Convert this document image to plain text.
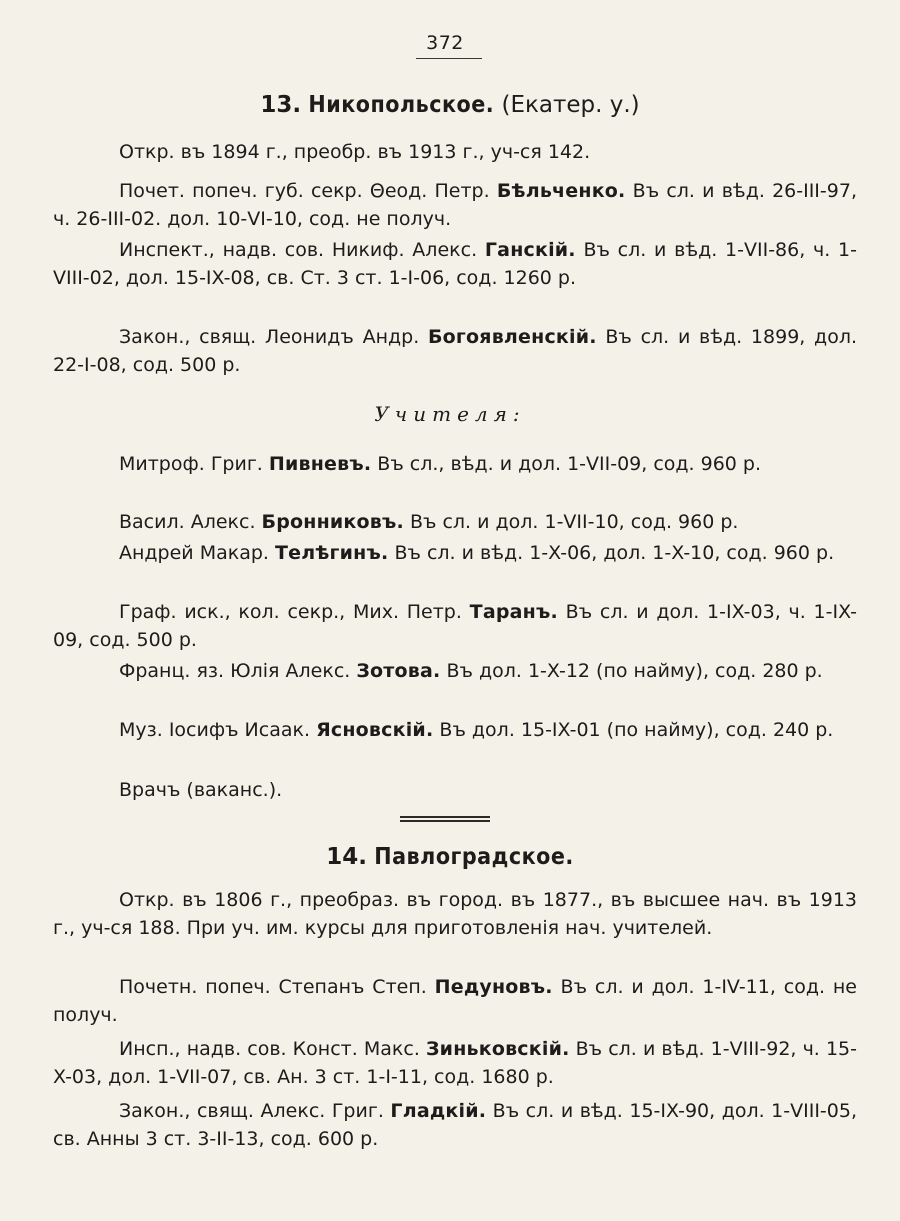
372
13. Никопольское. (Екатер. у.)
Откр. въ 1894 г., преобр. въ 1913 г., уч-ся 142.
Почет. попеч. губ. секр. Θеод. Петр. Бѣльченко. Въ сл. и вѣд. 26-III-97, ч. 26-III-02. дол. 10-VI-10, сод. не получ.
Инспект., надв. сов. Никиф. Алекс. Ганскій. Въ сл. и вѣд. 1-VII-86, ч. 1-VIII-02, дол. 15-IX-08, св. Ст. 3 ст. 1-I-06, сод. 1260 р.
Закон., свящ. Леонидъ Андр. Богоявленскій. Въ сл. и вѣд. 1899, дол. 22-I-08, сод. 500 р.
Учителя:
Митроф. Григ. Пивневъ. Въ сл., вѣд. и дол. 1-VII-09, сод. 960 р.
Васил. Алекс. Бронниковъ. Въ сл. и дол. 1-VII-10, сод. 960 р.
Андрей Макар. Телѣгинъ. Въ сл. и вѣд. 1-X-06, дол. 1-X-10, сод. 960 р.
Граф. иск., кол. секр., Мих. Петр. Таранъ. Въ сл. и дол. 1-IX-03, ч. 1-IX-09, сод. 500 р.
Франц. яз. Юлія Алекс. Зотова. Въ дол. 1-X-12 (по найму), сод. 280 р.
Муз. Іосифъ Исаак. Ясновскій. Въ дол. 15-IX-01 (по найму), сод. 240 р.
Врачъ (ваканс.).
14. Павлоградское.
Откр. въ 1806 г., преобраз. въ город. въ 1877., въ высшее нач. въ 1913 г., уч-ся 188. При уч. им. курсы для приготовленія нач. учителей.
Почетн. попеч. Степанъ Степ. Педуновъ. Въ сл. и дол. 1-IV-11, сод. не получ.
Инсп., надв. сов. Конст. Макс. Зиньковскій. Въ сл. и вѣд. 1-VIII-92, ч. 15-X-03, дол. 1-VII-07, св. Ан. 3 ст. 1-I-11, сод. 1680 р.
Закон., свящ. Алекс. Григ. Гладкій. Въ сл. и вѣд. 15-IX-90, дол. 1-VIII-05, св. Анны 3 ст. 3-II-13, сод. 600 р.
